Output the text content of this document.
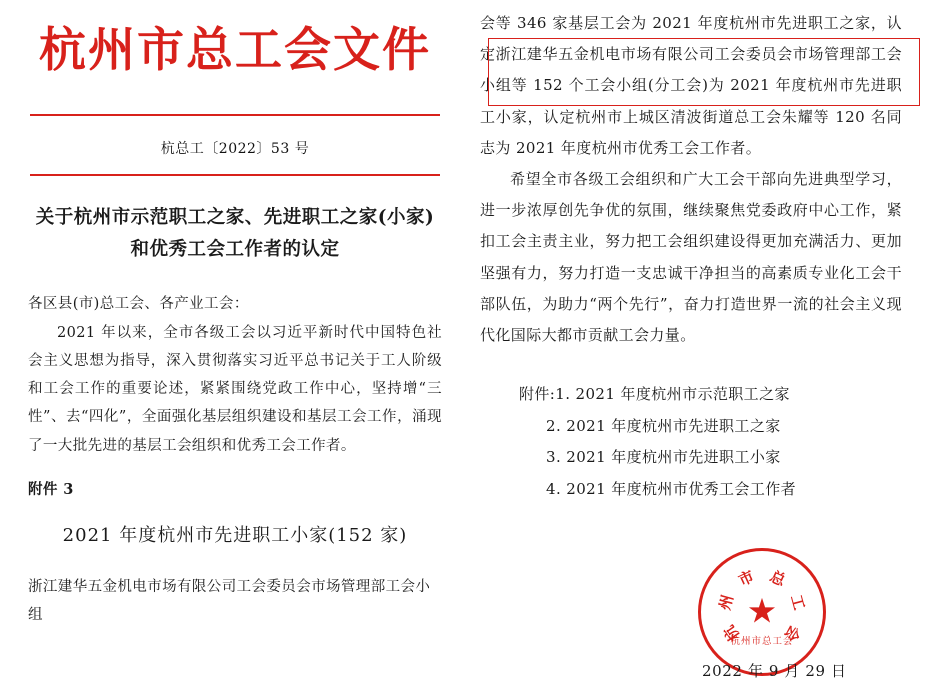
杭州市总工会文件
杭总工〔2022〕53 号
关于杭州市示范职工之家、先进职工之家(小家)
和优秀工会工作者的认定
各区县(市)总工会、各产业工会：
2021 年以来，全市各级工会以习近平新时代中国特色社会主义思想为指导，深入贯彻落实习近平总书记关于工人阶级和工会工作的重要论述，紧紧围绕党政工作中心，坚持增“三性”、去“四化”，全面强化基层组织建设和基层工会工作，涌现了一大批先进的基层工会组织和优秀工会工作者。
附件 3
2021 年度杭州市先进职工小家(152 家)
浙江建华五金机电市场有限公司工会委员会市场管理部工会小组
会等 346 家基层工会为 2021 年度杭州市先进职工之家，认定浙江建华五金机电市场有限公司工会委员会市场管理部工会小组等 152 个工会小组(分工会)为 2021 年度杭州市先进职工小家，认定杭州市上城区清波街道总工会朱耀等 120 名同志为 2021 年度杭州市优秀工会工作者。
希望全市各级工会组织和广大工会干部向先进典型学习，进一步浓厚创先争优的氛围，继续聚焦党委政府中心工作，紧扣工会主责主业，努力把工会组织建设得更加充满活力、更加坚强有力，努力打造一支忠诚干净担当的高素质专业化工会干部队伍，为助力“两个先行”，奋力打造世界一流的社会主义现代化国际大都市贡献工会力量。
附件:1. 2021 年度杭州市示范职工之家
2. 2021 年度杭州市先进职工之家
3. 2021 年度杭州市先进职工小家
4. 2021 年度杭州市优秀工会工作者
杭
州
市 总
工
会
★
杭州市总工会
2022 年 9 月 29 日
